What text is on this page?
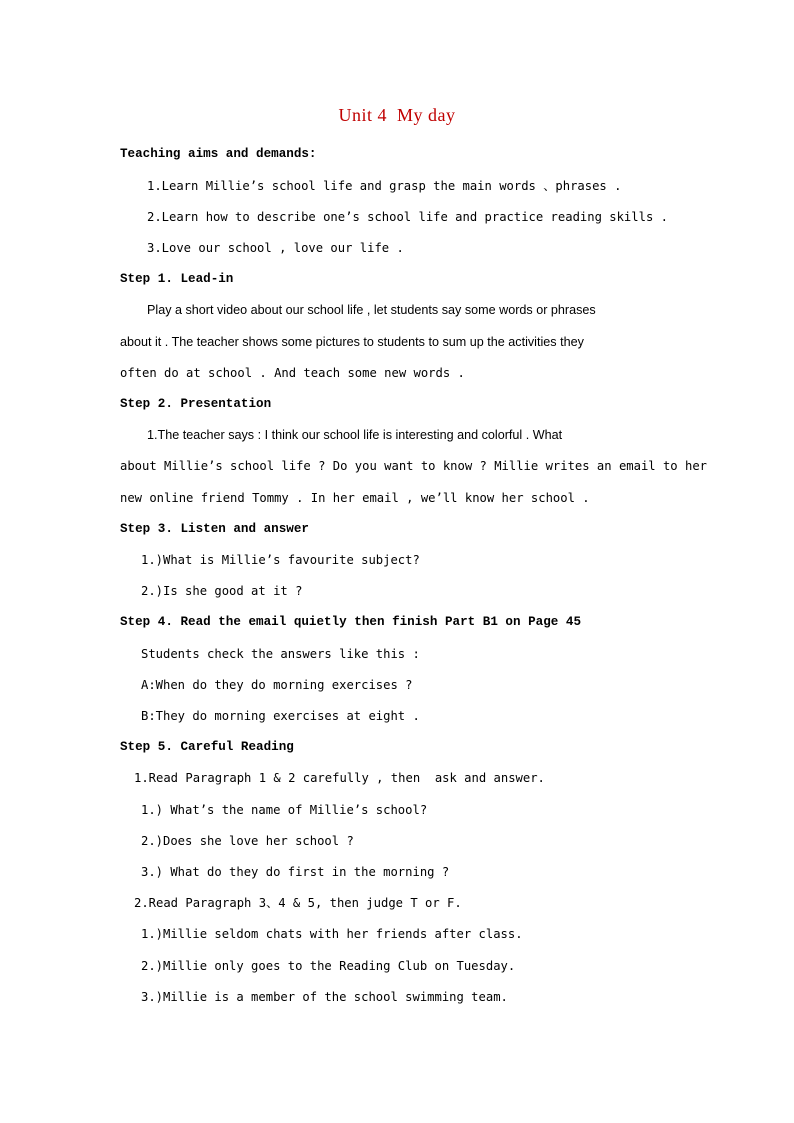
Unit 4  My day
Teaching aims and demands:
1.Learn Millie’s school life and grasp the main words 、phrases .
2.Learn how to describe one’s school life and practice reading skills .
3.Love our school , love our life .
Step 1. Lead-in
Play a short video about our school life , let students say some words or phrases
about it . The teacher shows some pictures to students to sum up the activities they
often do at school . And teach some new words .
Step 2. Presentation
1.The teacher says : I think our school life is interesting and colorful . What
about Millie’s school life ? Do you want to know ? Millie writes an email to her
new online friend Tommy . In her email , we’ll know her school .
Step 3. Listen and answer
1.)What is Millie’s favourite subject?
2.)Is she good at it ?
Step 4. Read the email quietly then finish Part B1 on Page 45
Students check the answers like this :
A:When do they do morning exercises ?
B:They do morning exercises at eight .
Step 5. Careful Reading
1.Read Paragraph 1 & 2 carefully , then  ask and answer.
1.) What’s the name of Millie’s school?
2.)Does she love her school ?
3.) What do they do first in the morning ?
2.Read Paragraph 3、4 & 5, then judge T or F.
1.)Millie seldom chats with her friends after class.
2.)Millie only goes to the Reading Club on Tuesday.
3.)Millie is a member of the school swimming team.
